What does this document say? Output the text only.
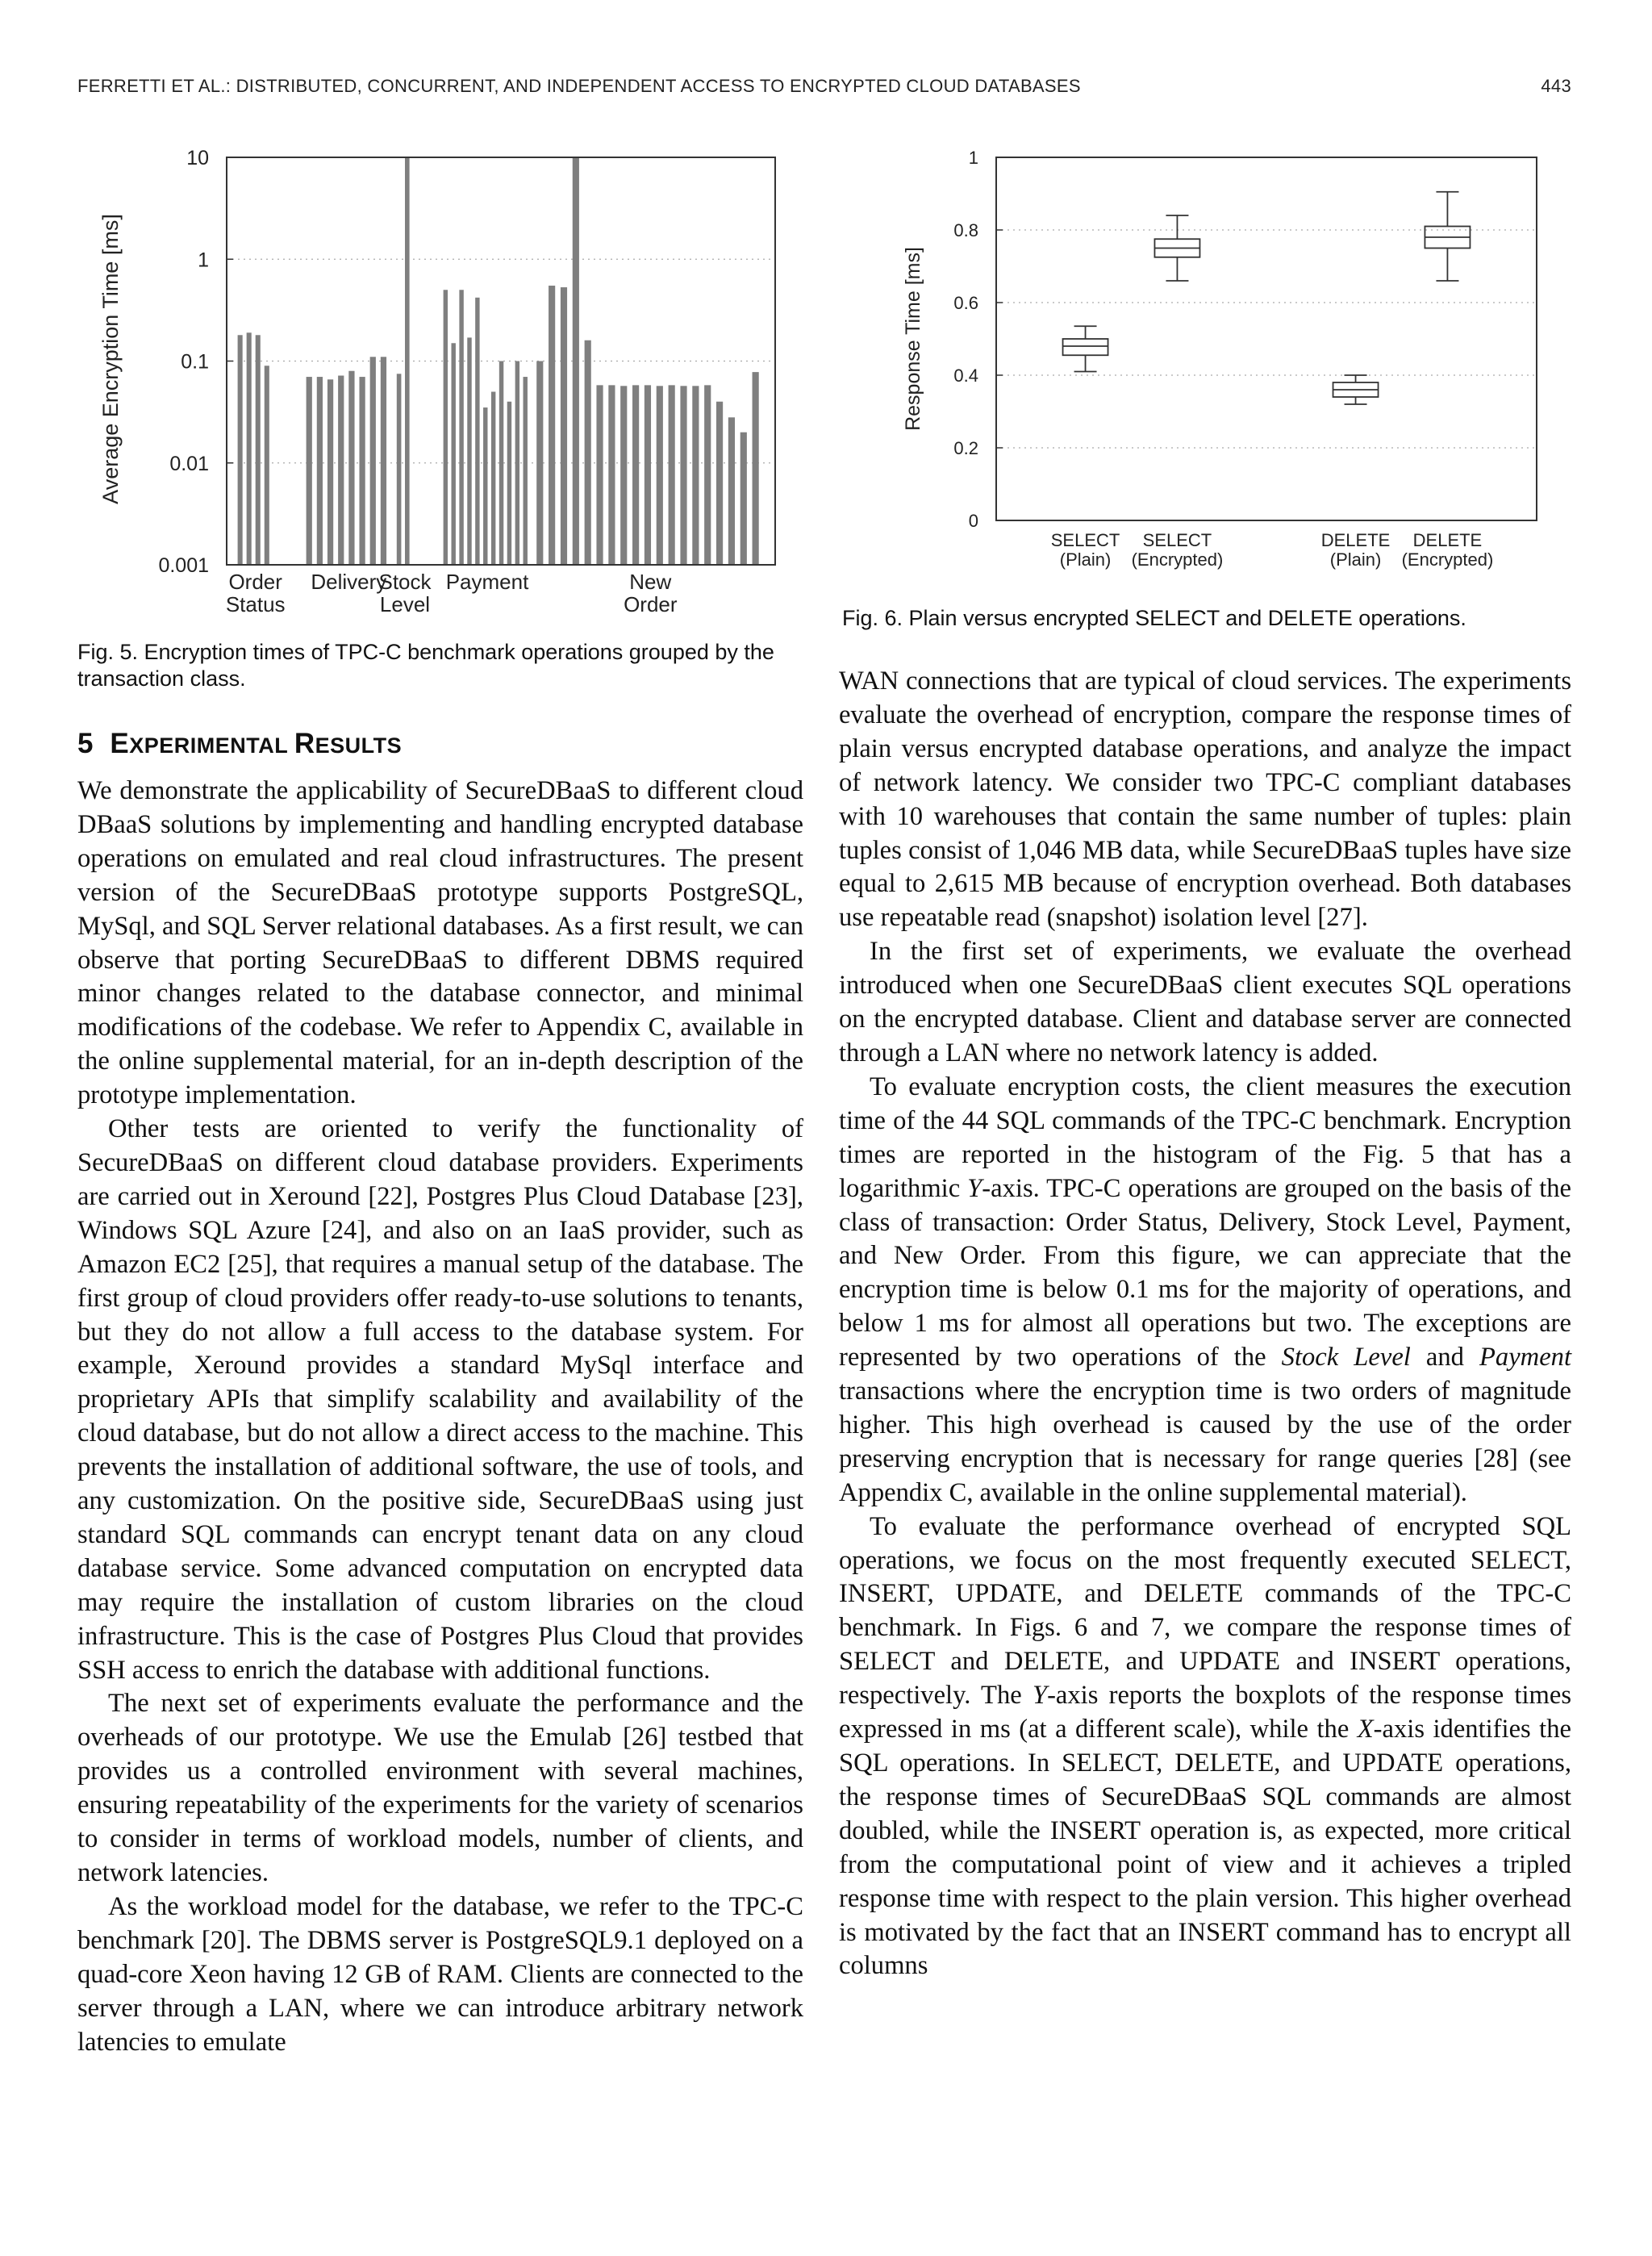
FERRETTI ET AL.: DISTRIBUTED, CONCURRENT, AND INDEPENDENT ACCESS TO ENCRYPTED CLOUD DATABASES	443
Average Encryption Time [ms]
0.001
0.01
0.1
1
10
Order
Status
Delivery
Stock
Level
Payment	New
Order
Fig. 5. Encryption times of TPC-C benchmark operations grouped by the transaction class.
Response Time [ms]
0
0.2
0.4
0.6
0.8
1
SELECT
(Plain)
SELECT
(Encrypted)
DELETE
(Plain)
DELETE
(Encrypted)
Fig. 6. Plain versus encrypted SELECT and DELETE operations.
5 EXPERIMENTAL RESULTS

We demonstrate the applicability of SecureDBaaS to different cloud DBaaS solutions by implementing and handling encrypted database operations on emulated and real cloud infrastructures. The present version of the SecureDBaaS prototype supports PostgreSQL, MySql, and SQL Server relational databases. As a first result, we can observe that porting SecureDBaaS to different DBMS required minor changes related to the database connector, and minimal modifications of the codebase. We refer to Appendix C, available in the online supplemental material, for an in-depth description of the prototype implementation.

Other tests are oriented to verify the functionality of SecureDBaaS on different cloud database providers. Experiments are carried out in Xeround [22], Postgres Plus Cloud Database [23], Windows SQL Azure [24], and also on an IaaS provider, such as Amazon EC2 [25], that requires a manual setup of the database. The first group of cloud providers offer ready-to-use solutions to tenants, but they do not allow a full access to the database system. For example, Xeround provides a standard MySql interface and proprietary APIs that simplify scalability and availability of the cloud database, but do not allow a direct access to the machine. This prevents the installation of additional software, the use of tools, and any customization. On the positive side, SecureDBaaS using just standard SQL commands can encrypt tenant data on any cloud database service. Some advanced computation on encrypted data may require the installation of custom libraries on the cloud infrastructure. This is the case of Postgres Plus Cloud that provides SSH access to enrich the database with additional functions.

The next set of experiments evaluate the performance and the overheads of our prototype. We use the Emulab [26] testbed that provides us a controlled environment with several machines, ensuring repeatability of the experiments for the variety of scenarios to consider in terms of workload models, number of clients, and network latencies.

As the workload model for the database, we refer to the TPC-C benchmark [20]. The DBMS server is PostgreSQL9.1 deployed on a quad-core Xeon having 12 GB of RAM. Clients are connected to the server through a LAN, where we can introduce arbitrary network latencies to emulate

WAN connections that are typical of cloud services. The experiments evaluate the overhead of encryption, compare the response times of plain versus encrypted database operations, and analyze the impact of network latency. We consider two TPC-C compliant databases with 10 warehouses that contain the same number of tuples: plain tuples consist of 1,046 MB data, while SecureDBaaS tuples have size equal to 2,615 MB because of encryption overhead. Both databases use repeatable read (snapshot) isolation level [27].

In the first set of experiments, we evaluate the overhead introduced when one SecureDBaaS client executes SQL operations on the encrypted database. Client and database server are connected through a LAN where no network latency is added.

To evaluate encryption costs, the client measures the execution time of the 44 SQL commands of the TPC-C benchmark. Encryption times are reported in the histogram of the Fig. 5 that has a logarithmic Y-axis. TPC-C operations are grouped on the basis of the class of transaction: Order Status, Delivery, Stock Level, Payment, and New Order. From this figure, we can appreciate that the encryption time is below 0.1 ms for the majority of operations, and below 1 ms for almost all operations but two. The exceptions are represented by two operations of the Stock Level and Payment transactions where the encryption time is two orders of magnitude higher. This high overhead is caused by the use of the order preserving encryption that is necessary for range queries [28] (see Appendix C, available in the online supplemental material).

To evaluate the performance overhead of encrypted SQL operations, we focus on the most frequently executed SELECT, INSERT, UPDATE, and DELETE commands of the TPC-C benchmark. In Figs. 6 and 7, we compare the response times of SELECT and DELETE, and UPDATE and INSERT operations, respectively. The Y-axis reports the boxplots of the response times expressed in ms (at a different scale), while the X-axis identifies the SQL operations. In SELECT, DELETE, and UPDATE operations, the response times of SecureDBaaS SQL commands are almost doubled, while the INSERT operation is, as expected, more critical from the computational point of view and it achieves a tripled response time with respect to the plain version. This higher overhead is motivated by the fact that an INSERT command has to encrypt all columns
